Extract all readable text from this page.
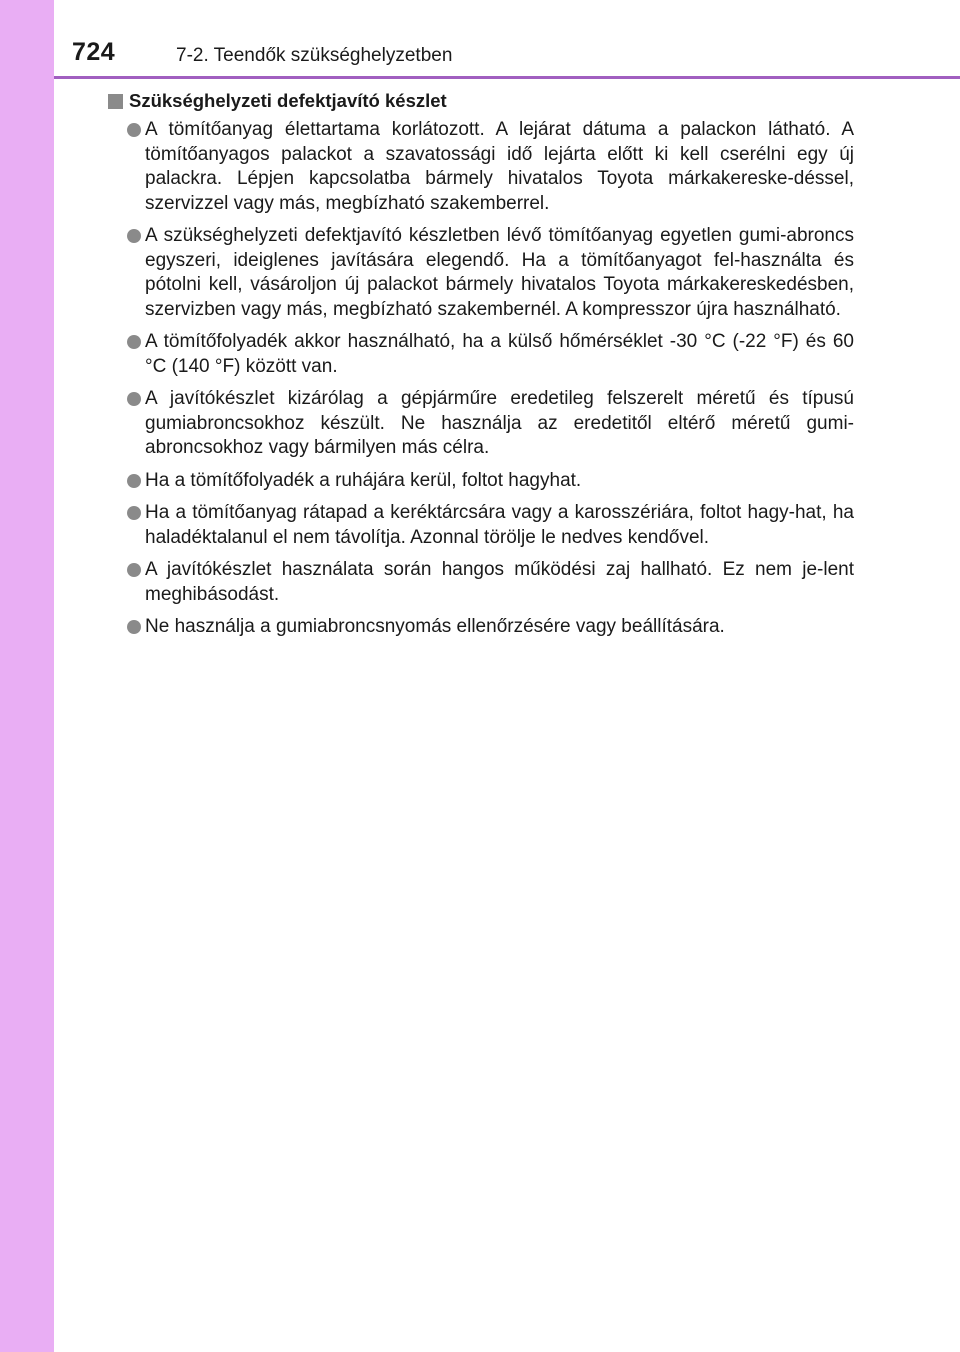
724	7-2. Teendők szükséghelyzetben
Szükséghelyzeti defektjavító készlet
A tömítőanyag élettartama korlátozott. A lejárat dátuma a palackon látható. A tömítőanyagos palackot a szavatossági idő lejárta előtt ki kell cserélni egy új palackra. Lépjen kapcsolatba bármely hivatalos Toyota márkakereske-déssel, szervizzel vagy más, megbízható szakemberrel.
A szükséghelyzeti defektjavító készletben lévő tömítőanyag egyetlen gumi-abroncs egyszeri, ideiglenes javítására elegendő. Ha a tömítőanyagot fel-használta és pótolni kell, vásároljon új palackot bármely hivatalos Toyota márkakereskedésben, szervizben vagy más, megbízható szakembernél. A kompresszor újra használható.
A tömítőfolyadék akkor használható, ha a külső hőmérséklet -30 °C (-22 °F) és 60 °C (140 °F) között van.
A javítókészlet kizárólag a gépjárműre eredetileg felszerelt méretű és típusú gumiabroncsokhoz készült. Ne használja az eredetitől eltérő méretű gumi-abroncsokhoz vagy bármilyen más célra.
Ha a tömítőfolyadék a ruhájára kerül, foltot hagyhat.
Ha a tömítőanyag rátapad a keréktárcsára vagy a karosszériára, foltot hagy-hat, ha haladéktalanul el nem távolítja. Azonnal törölje le nedves kendővel.
A javítókészlet használata során hangos működési zaj hallható. Ez nem je-lent meghibásodást.
Ne használja a gumiabroncsnyomás ellenőrzésére vagy beállítására.
